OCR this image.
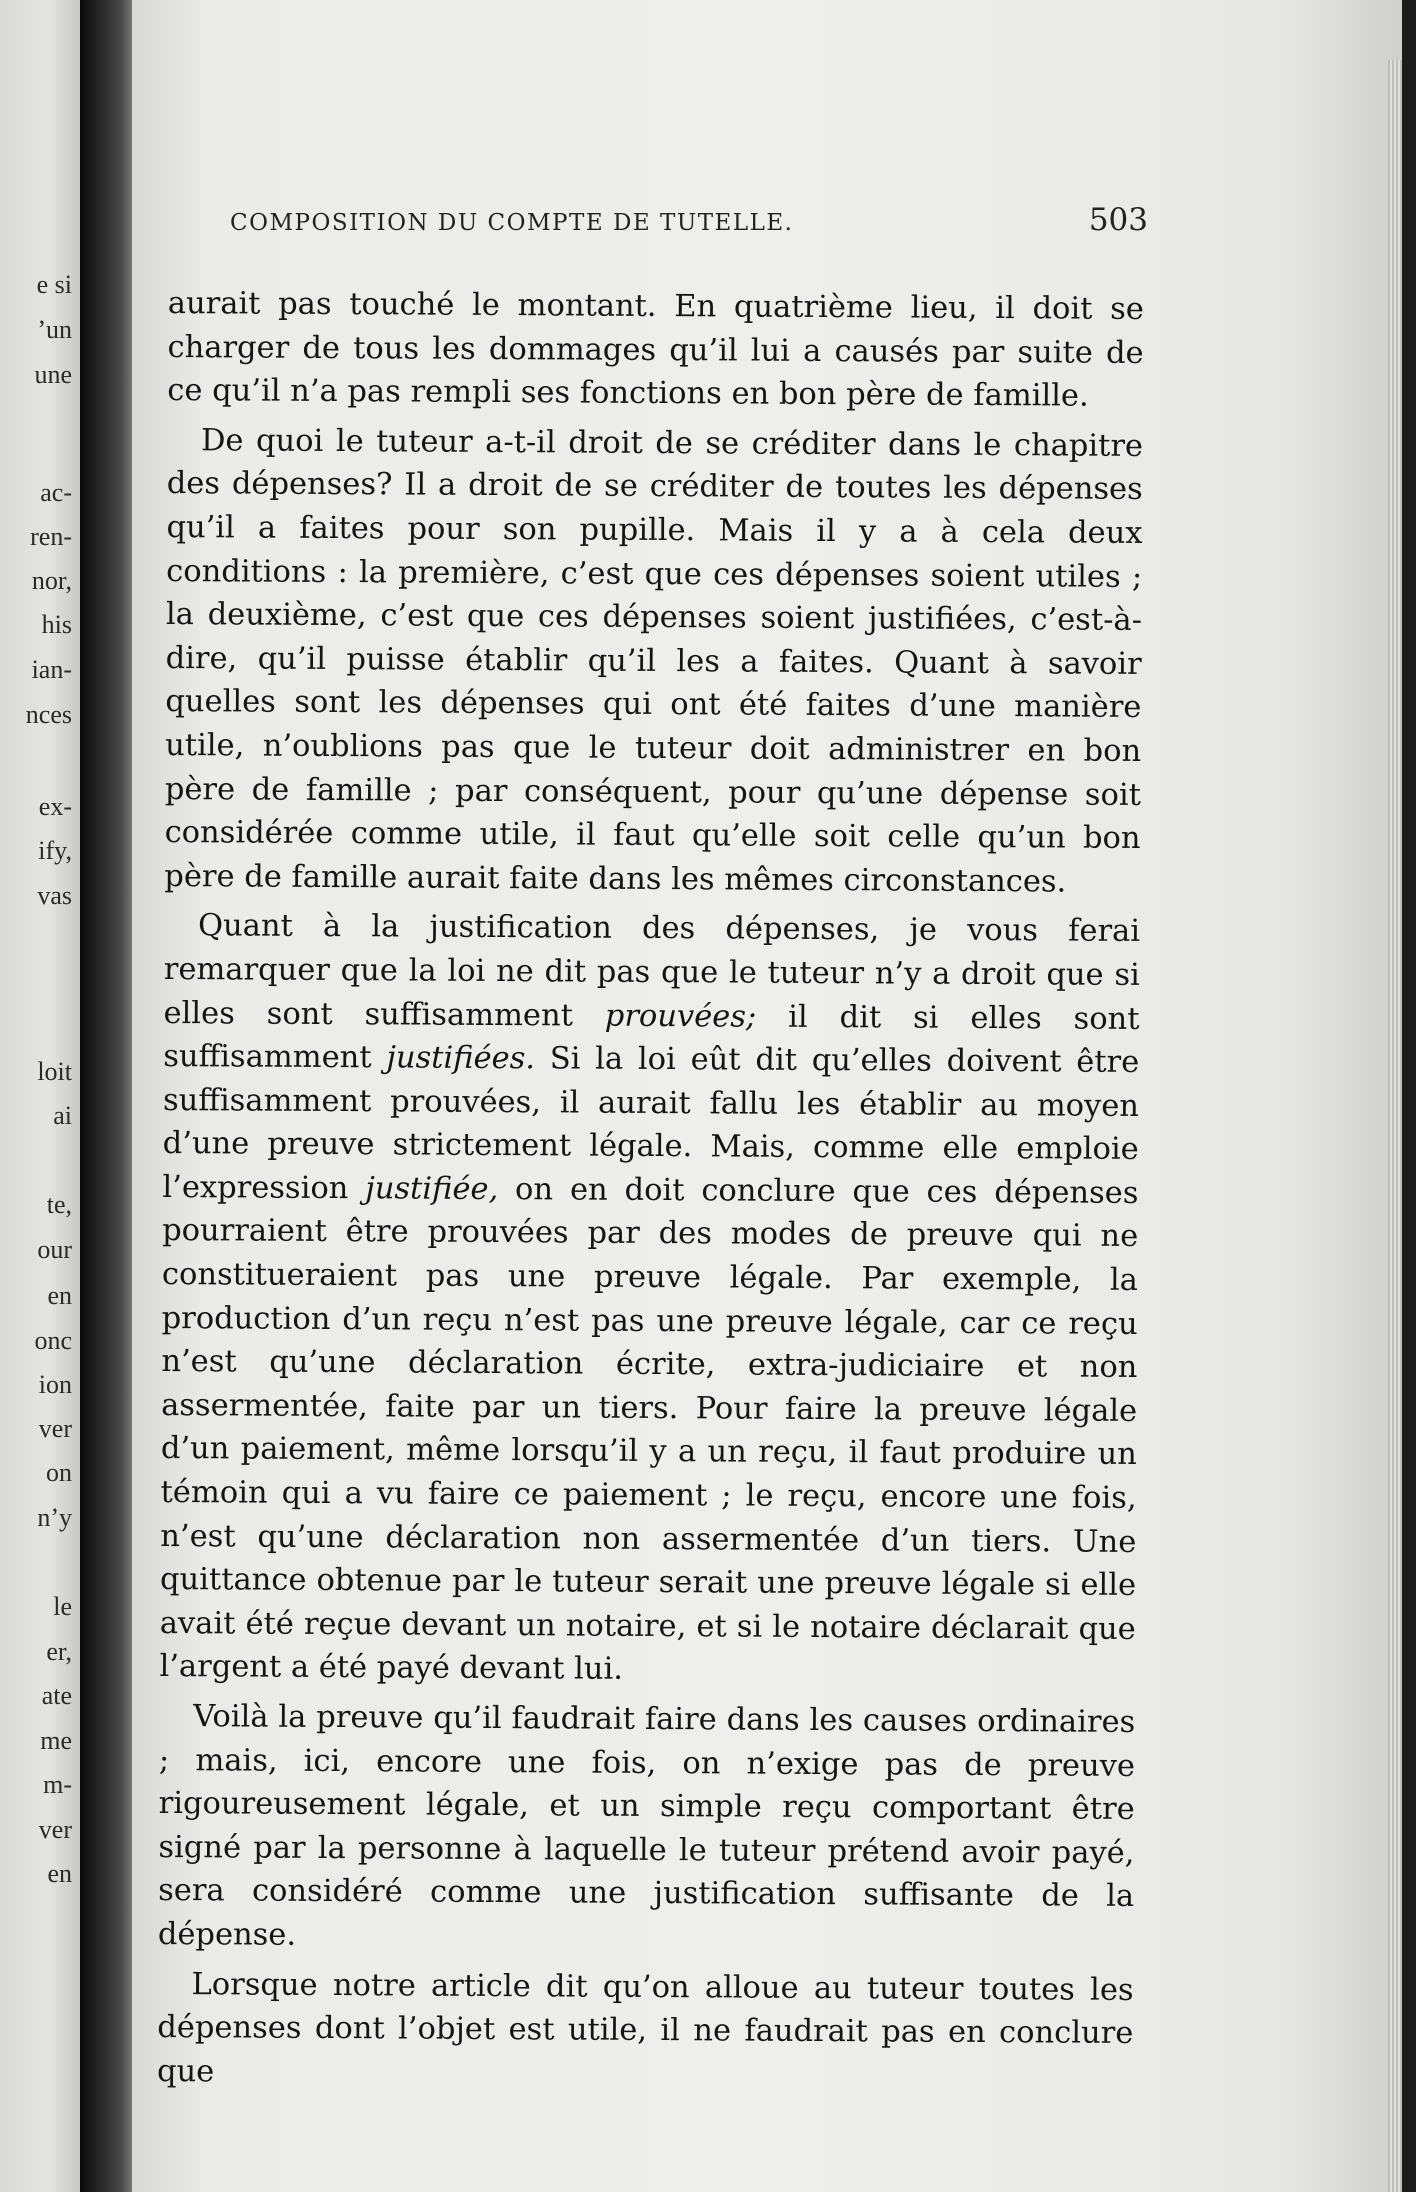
e si
’un
une
ac-
ren-
nor,
his
ian-
nces
ex-
ify,
vas
loit
ai
te,
our
en
onc
ion
ver
on
n’y
le
er,
ate
me
m-
ver
en
COMPOSITION DU COMPTE DE TUTELLE.	503

aurait pas touché le montant. En quatrième lieu, il doit se charger de tous les dommages qu’il lui a causés par suite de ce qu’il n’a pas rempli ses fonctions en bon père de famille.

De quoi le tuteur a-t-il droit de se créditer dans le chapitre des dépenses? Il a droit de se créditer de toutes les dépenses qu’il a faites pour son pupille. Mais il y a à cela deux conditions : la première, c’est que ces dépenses soient utiles ; la deuxième, c’est que ces dépenses soient justifiées, c’est-à-dire, qu’il puisse établir qu’il les a faites. Quant à savoir quelles sont les dépenses qui ont été faites d’une manière utile, n’oublions pas que le tuteur doit administrer en bon père de famille ; par conséquent, pour qu’une dépense soit considérée comme utile, il faut qu’elle soit celle qu’un bon père de famille aurait faite dans les mêmes circonstances.

Quant à la justification des dépenses, je vous ferai remarquer que la loi ne dit pas que le tuteur n’y a droit que si elles sont suffisamment prouvées; il dit si elles sont suffisamment justifiées. Si la loi eût dit qu’elles doivent être suffisamment prouvées, il aurait fallu les établir au moyen d’une preuve strictement légale. Mais, comme elle emploie l’expression justifiée, on en doit conclure que ces dépenses pourraient être prouvées par des modes de preuve qui ne constitueraient pas une preuve légale. Par exemple, la production d’un reçu n’est pas une preuve légale, car ce reçu n’est qu’une déclaration écrite, extra-judiciaire et non assermentée, faite par un tiers. Pour faire la preuve légale d’un paiement, même lorsqu’il y a un reçu, il faut produire un témoin qui a vu faire ce paiement ; le reçu, encore une fois, n’est qu’une déclaration non assermentée d’un tiers. Une quittance obtenue par le tuteur serait une preuve légale si elle avait été reçue devant un notaire, et si le notaire déclarait que l’argent a été payé devant lui.

Voilà la preuve qu’il faudrait faire dans les causes ordinaires ; mais, ici, encore une fois, on n’exige pas de preuve rigoureusement légale, et un simple reçu comportant être signé par la personne à laquelle le tuteur prétend avoir payé, sera considéré comme une justification suffisante de la dépense.

Lorsque notre article dit qu’on alloue au tuteur toutes les dépenses dont l’objet est utile, il ne faudrait pas en conclure que
